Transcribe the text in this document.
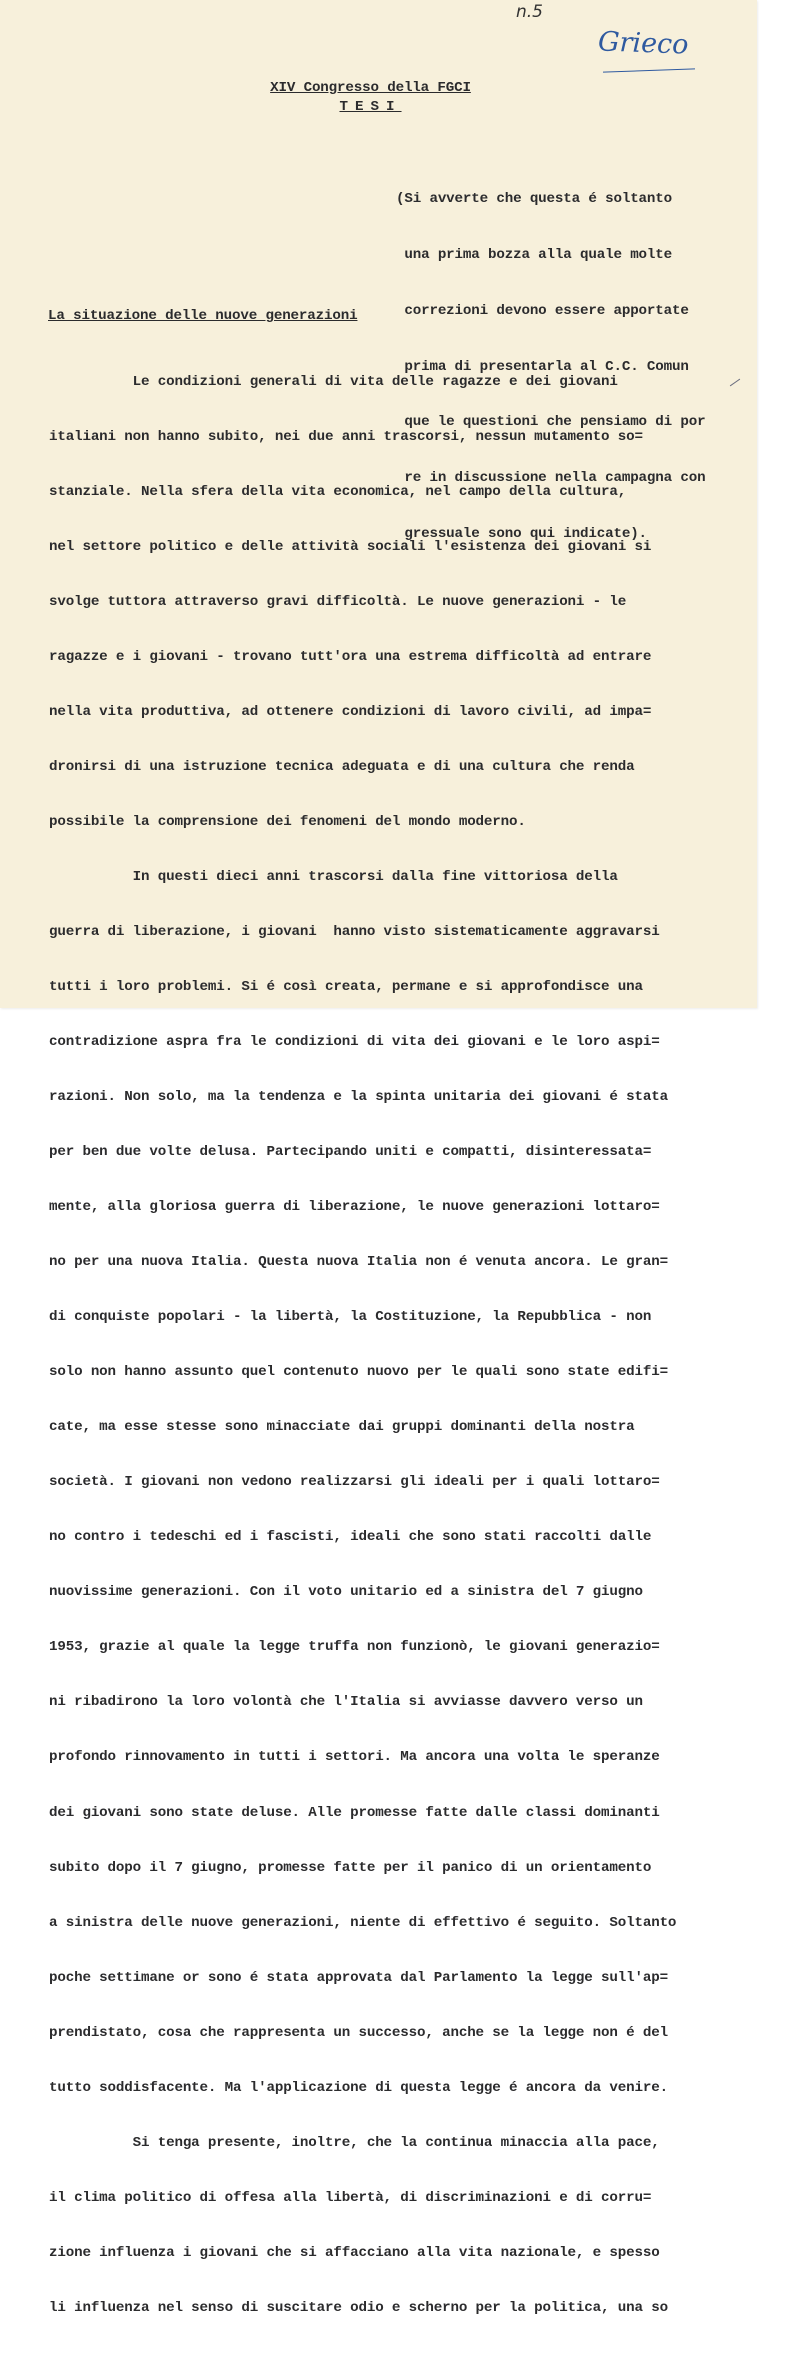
n.5
Grieco
XIV Congresso della FGCI
TESI

(Si avverte che questa é soltanto

una prima bozza alla quale molte

correzioni devono essere apportate

prima di presentarla al C.C. Comun

que le questioni che pensiamo di por

re in discussione nella campagna con

gressuale sono qui indicate).

La situazione delle nuove generazioni

Le condizioni generali di vita delle ragazze e dei giovani

italiani non hanno subito, nei due anni trascorsi, nessun mutamento so=

stanziale. Nella sfera della vita economica, nel campo della cultura,

nel settore politico e delle attività sociali l'esistenza dei giovani si

svolge tuttora attraverso gravi difficoltà. Le nuove generazioni - le

ragazze e i giovani - trovano tutt'ora una estrema difficoltà ad entrare

nella vita produttiva, ad ottenere condizioni di lavoro civili, ad impa=

dronirsi di una istruzione tecnica adeguata e di una cultura che renda

possibile la comprensione dei fenomeni del mondo moderno.

In questi dieci anni trascorsi dalla fine vittoriosa della

guerra di liberazione, i giovani  hanno visto sistematicamente aggravarsi

tutti i loro problemi. Si é così creata, permane e si approfondisce una

contradizione aspra fra le condizioni di vita dei giovani e le loro aspi=

razioni. Non solo, ma la tendenza e la spinta unitaria dei giovani é stata

per ben due volte delusa. Partecipando uniti e compatti, disinteressata=

mente, alla gloriosa guerra di liberazione, le nuove generazioni lottaro=

no per una nuova Italia. Questa nuova Italia non é venuta ancora. Le gran=

di conquiste popolari - la libertà, la Costituzione, la Repubblica - non

solo non hanno assunto quel contenuto nuovo per le quali sono state edifi=

cate, ma esse stesse sono minacciate dai gruppi dominanti della nostra

società. I giovani non vedono realizzarsi gli ideali per i quali lottaro=

no contro i tedeschi ed i fascisti, ideali che sono stati raccolti dalle

nuovissime generazioni. Con il voto unitario ed a sinistra del 7 giugno

1953, grazie al quale la legge truffa non funzionò, le giovani generazio=

ni ribadirono la loro volontà che l'Italia si avviasse davvero verso un

profondo rinnovamento in tutti i settori. Ma ancora una volta le speranze

dei giovani sono state deluse. Alle promesse fatte dalle classi dominanti

subito dopo il 7 giugno, promesse fatte per il panico di un orientamento

a sinistra delle nuove generazioni, niente di effettivo é seguito. Soltanto

poche settimane or sono é stata approvata dal Parlamento la legge sull'ap=

prendistato, cosa che rappresenta un successo, anche se la legge non é del

tutto soddisfacente. Ma l'applicazione di questa legge é ancora da venire.

Si tenga presente, inoltre, che la continua minaccia alla pace,

il clima politico di offesa alla libertà, di discriminazioni e di corru=

zione influenza i giovani che si affacciano alla vita nazionale, e spesso

li influenza nel senso di suscitare odio e scherno per la politica, una so
